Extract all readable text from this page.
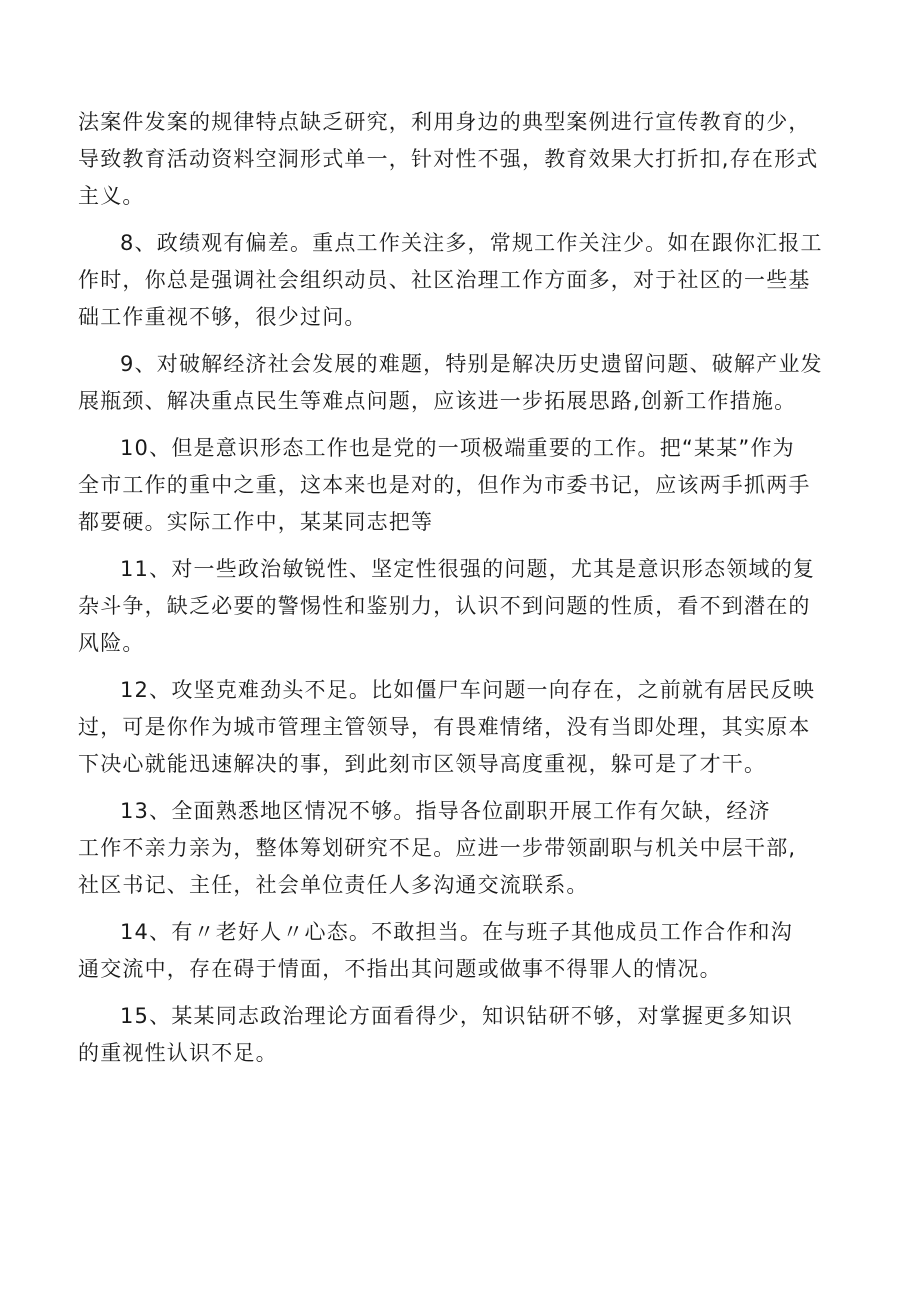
法案件发案的规律特点缺乏研究，利用身边的典型案例进行宣传教育的少，
导致教育活动资料空洞形式单一，针对性不强，教育效果大打折扣,存在形式
主义。

8、政绩观有偏差。重点工作关注多，常规工作关注少。如在跟你汇报工
作时，你总是强调社会组织动员、社区治理工作方面多，对于社区的一些基
础工作重视不够，很少过问。

9、对破解经济社会发展的难题，特别是解决历史遗留问题、破解产业发
展瓶颈、解决重点民生等难点问题，应该进一步拓展思路,创新工作措施。

10、但是意识形态工作也是党的一项极端重要的工作。把“某某”作为
全市工作的重中之重，这本来也是对的，但作为市委书记，应该两手抓两手
都要硬。实际工作中，某某同志把等

11、对一些政治敏锐性、坚定性很强的问题，尤其是意识形态领域的复
杂斗争，缺乏必要的警惕性和鉴别力，认识不到问题的性质，看不到潜在的
风险。

12、攻坚克难劲头不足。比如僵尸车问题一向存在，之前就有居民反映
过，可是你作为城市管理主管领导，有畏难情绪，没有当即处理，其实原本
下决心就能迅速解决的事，到此刻市区领导高度重视，躲可是了才干。

13、全面熟悉地区情况不够。指导各位副职开展工作有欠缺，经济
工作不亲力亲为，整体筹划研究不足。应进一步带领副职与机关中层干部,
社区书记、主任，社会单位责任人多沟通交流联系。

14、有〃老好人〃心态。不敢担当。在与班子其他成员工作合作和沟
通交流中，存在碍于情面，不指出其问题或做事不得罪人的情况。

15、某某同志政治理论方面看得少，知识钻研不够，对掌握更多知识
的重视性认识不足。
